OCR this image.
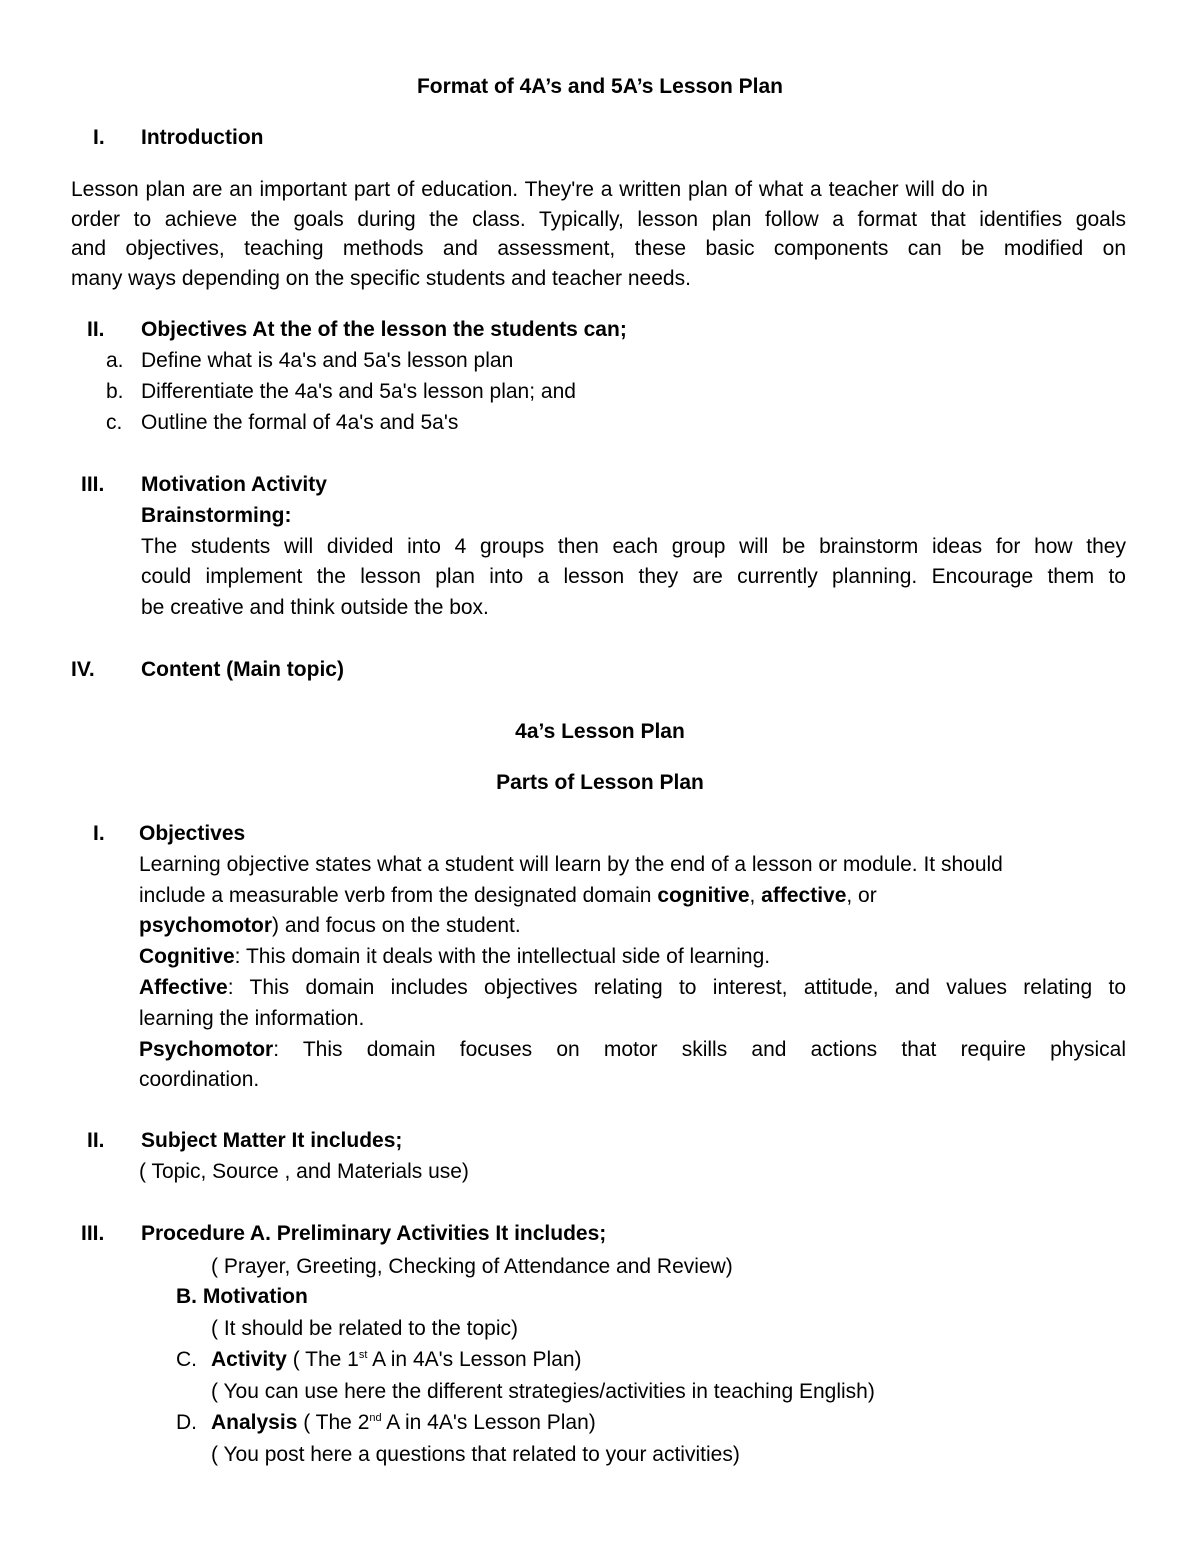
Format of 4A’s and 5A’s Lesson Plan
I. Introduction
Lesson plan are an important part of education. They're a written plan of what a teacher will do in
order to achieve the goals during the class. Typically, lesson plan follow a format that identifies goals
and objectives, teaching methods and assessment, these basic components can be modified on
many ways depending on the specific students and teacher needs.
II. Objectives At the of the lesson the students can;
a. Define what is 4a's and 5a's lesson plan
b. Differentiate the 4a's and 5a's lesson plan; and
c. Outline the formal of 4a's and 5a's
III. Motivation Activity
Brainstorming:
The students will divided into 4 groups then each group will be brainstorm ideas for how they
could implement the lesson plan into a lesson they are currently planning. Encourage them to
be creative and think outside the box.
IV. Content (Main topic)
4a’s Lesson Plan
Parts of Lesson Plan
I. Objectives
Learning objective states what a student will learn by the end of a lesson or module. It should
include a measurable verb from the designated domain cognitive, affective, or
psychomotor) and focus on the student.
Cognitive: This domain it deals with the intellectual side of learning.
Affective: This domain includes objectives relating to interest, attitude, and values relating to
learning the information.
Psychomotor: This domain focuses on motor skills and actions that require physical
coordination.
II. Subject Matter It includes;
( Topic, Source , and Materials use)
III. Procedure A. Preliminary Activities It includes;
( Prayer, Greeting, Checking of Attendance and Review)
B. Motivation
( It should be related to the topic)
C. Activity ( The 1st A in 4A's Lesson Plan)
( You can use here the different strategies/activities in teaching English)
D. Analysis ( The 2nd A in 4A's Lesson Plan)
( You post here a questions that related to your activities)
